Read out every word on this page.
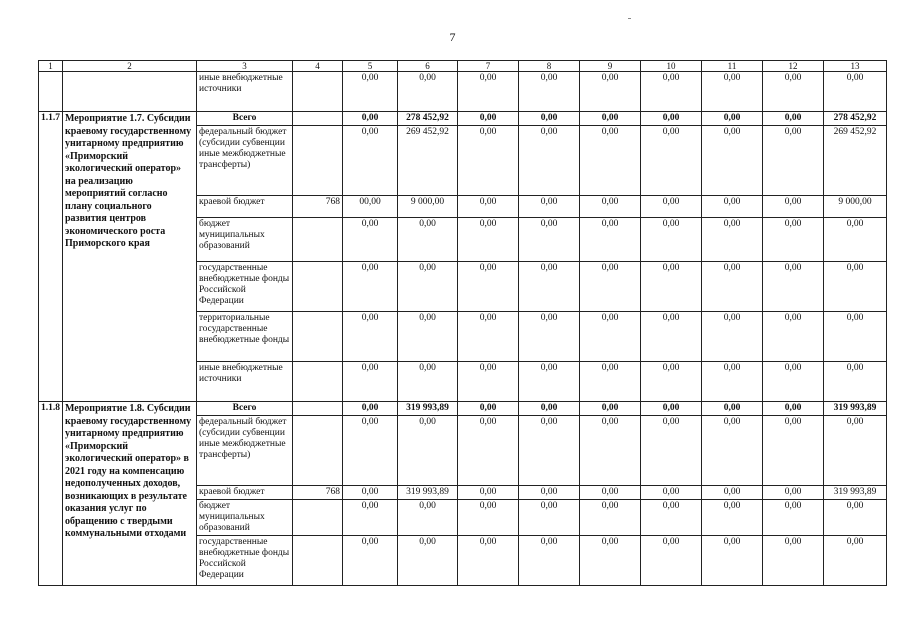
7
1	2	3	4	5	6	7	8	9	10	11	12	13
		иные внебюджетные источники		0,00	0,00	0,00	0,00	0,00	0,00	0,00	0,00	0,00
1.1.7	Мероприятие 1.7. Субсидии краевому государственному унитарному предприятию «Приморский экологический оператор» на реализацию мероприятий согласно плану социального развития центров экономического роста Приморского края	Всего		0,00	278 452,92	0,00	0,00	0,00	0,00	0,00	0,00	278 452,92
		федеральный бюджет (субсидии субвенции иные межбюджетные трансферты)		0,00	269 452,92	0,00	0,00	0,00	0,00	0,00	0,00	269 452,92
		краевой бюджет	768	00,00	9 000,00	0,00	0,00	0,00	0,00	0,00	0,00	9 000,00
		бюджет муниципальных образований		0,00	0,00	0,00	0,00	0,00	0,00	0,00	0,00	0,00
		государственные внебюджетные фонды Российской Федерации		0,00	0,00	0,00	0,00	0,00	0,00	0,00	0,00	0,00
		территориальные государственные внебюджетные фонды		0,00	0,00	0,00	0,00	0,00	0,00	0,00	0,00	0,00
		иные внебюджетные источники		0,00	0,00	0,00	0,00	0,00	0,00	0,00	0,00	0,00
1.1.8	Мероприятие 1.8. Субсидии краевому государственному унитарному предприятию «Приморский экологический оператор» в 2021 году на компенсацию недополученных доходов, возникающих в результате оказания услуг по обращению с твердыми коммунальными отходами	Всего		0,00	319 993,89	0,00	0,00	0,00	0,00	0,00	0,00	319 993,89
		федеральный бюджет (субсидии субвенции иные межбюджетные трансферты)		0,00	0,00	0,00	0,00	0,00	0,00	0,00	0,00	0,00
		краевой бюджет	768	0,00	319 993,89	0,00	0,00	0,00	0,00	0,00	0,00	319 993,89
		бюджет муниципальных образований		0,00	0,00	0,00	0,00	0,00	0,00	0,00	0,00	0,00
		государственные внебюджетные фонды Российской Федерации		0,00	0,00	0,00	0,00	0,00	0,00	0,00	0,00	0,00
